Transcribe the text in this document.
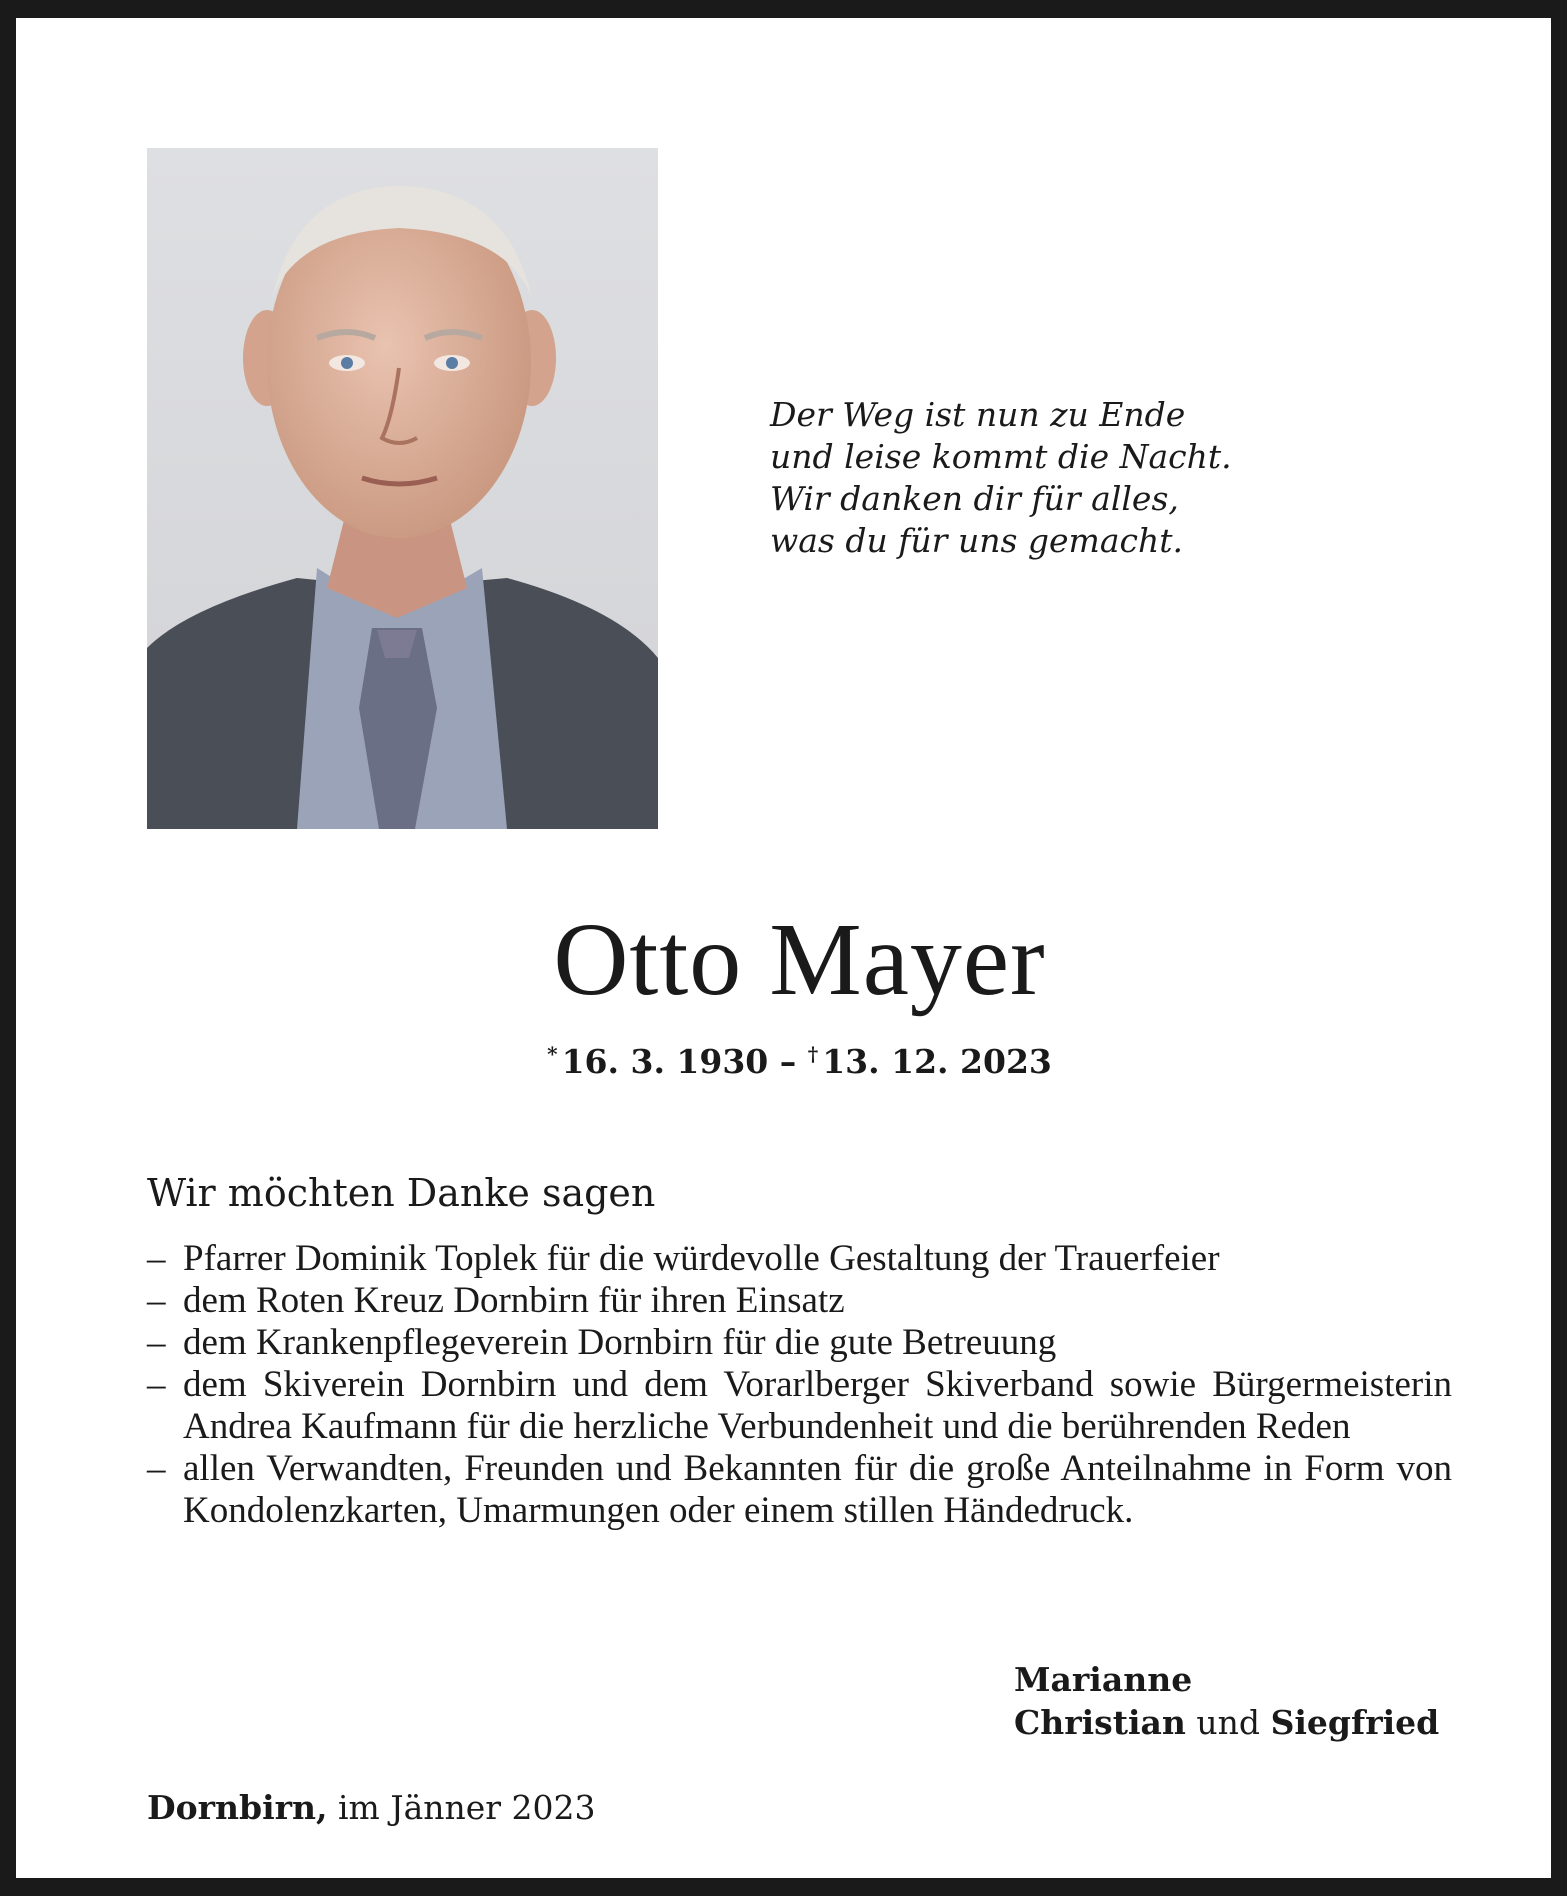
Der Weg ist nun zu Ende
und leise kommt die Nacht.
Wir danken dir für alles,
was du für uns gemacht.
Otto Mayer
* 16. 3. 1930 – † 13. 12. 2023
Wir möchten Danke sagen
– Pfarrer Dominik Toplek für die würdevolle Gestaltung der Trauerfeier
– dem Roten Kreuz Dornbirn für ihren Einsatz
– dem Krankenpflegeverein Dornbirn für die gute Betreuung
– dem Skiverein Dornbirn und dem Vorarlberger Skiverband sowie Bürgermeisterin Andrea Kaufmann für die herzliche Verbundenheit und die berührenden Reden
– allen Verwandten, Freunden und Bekannten für die große Anteilnahme in Form von Kondolenzkarten, Umarmungen oder einem stillen Händedruck.
Marianne
Christian und Siegfried
Dornbirn, im Jänner 2023
